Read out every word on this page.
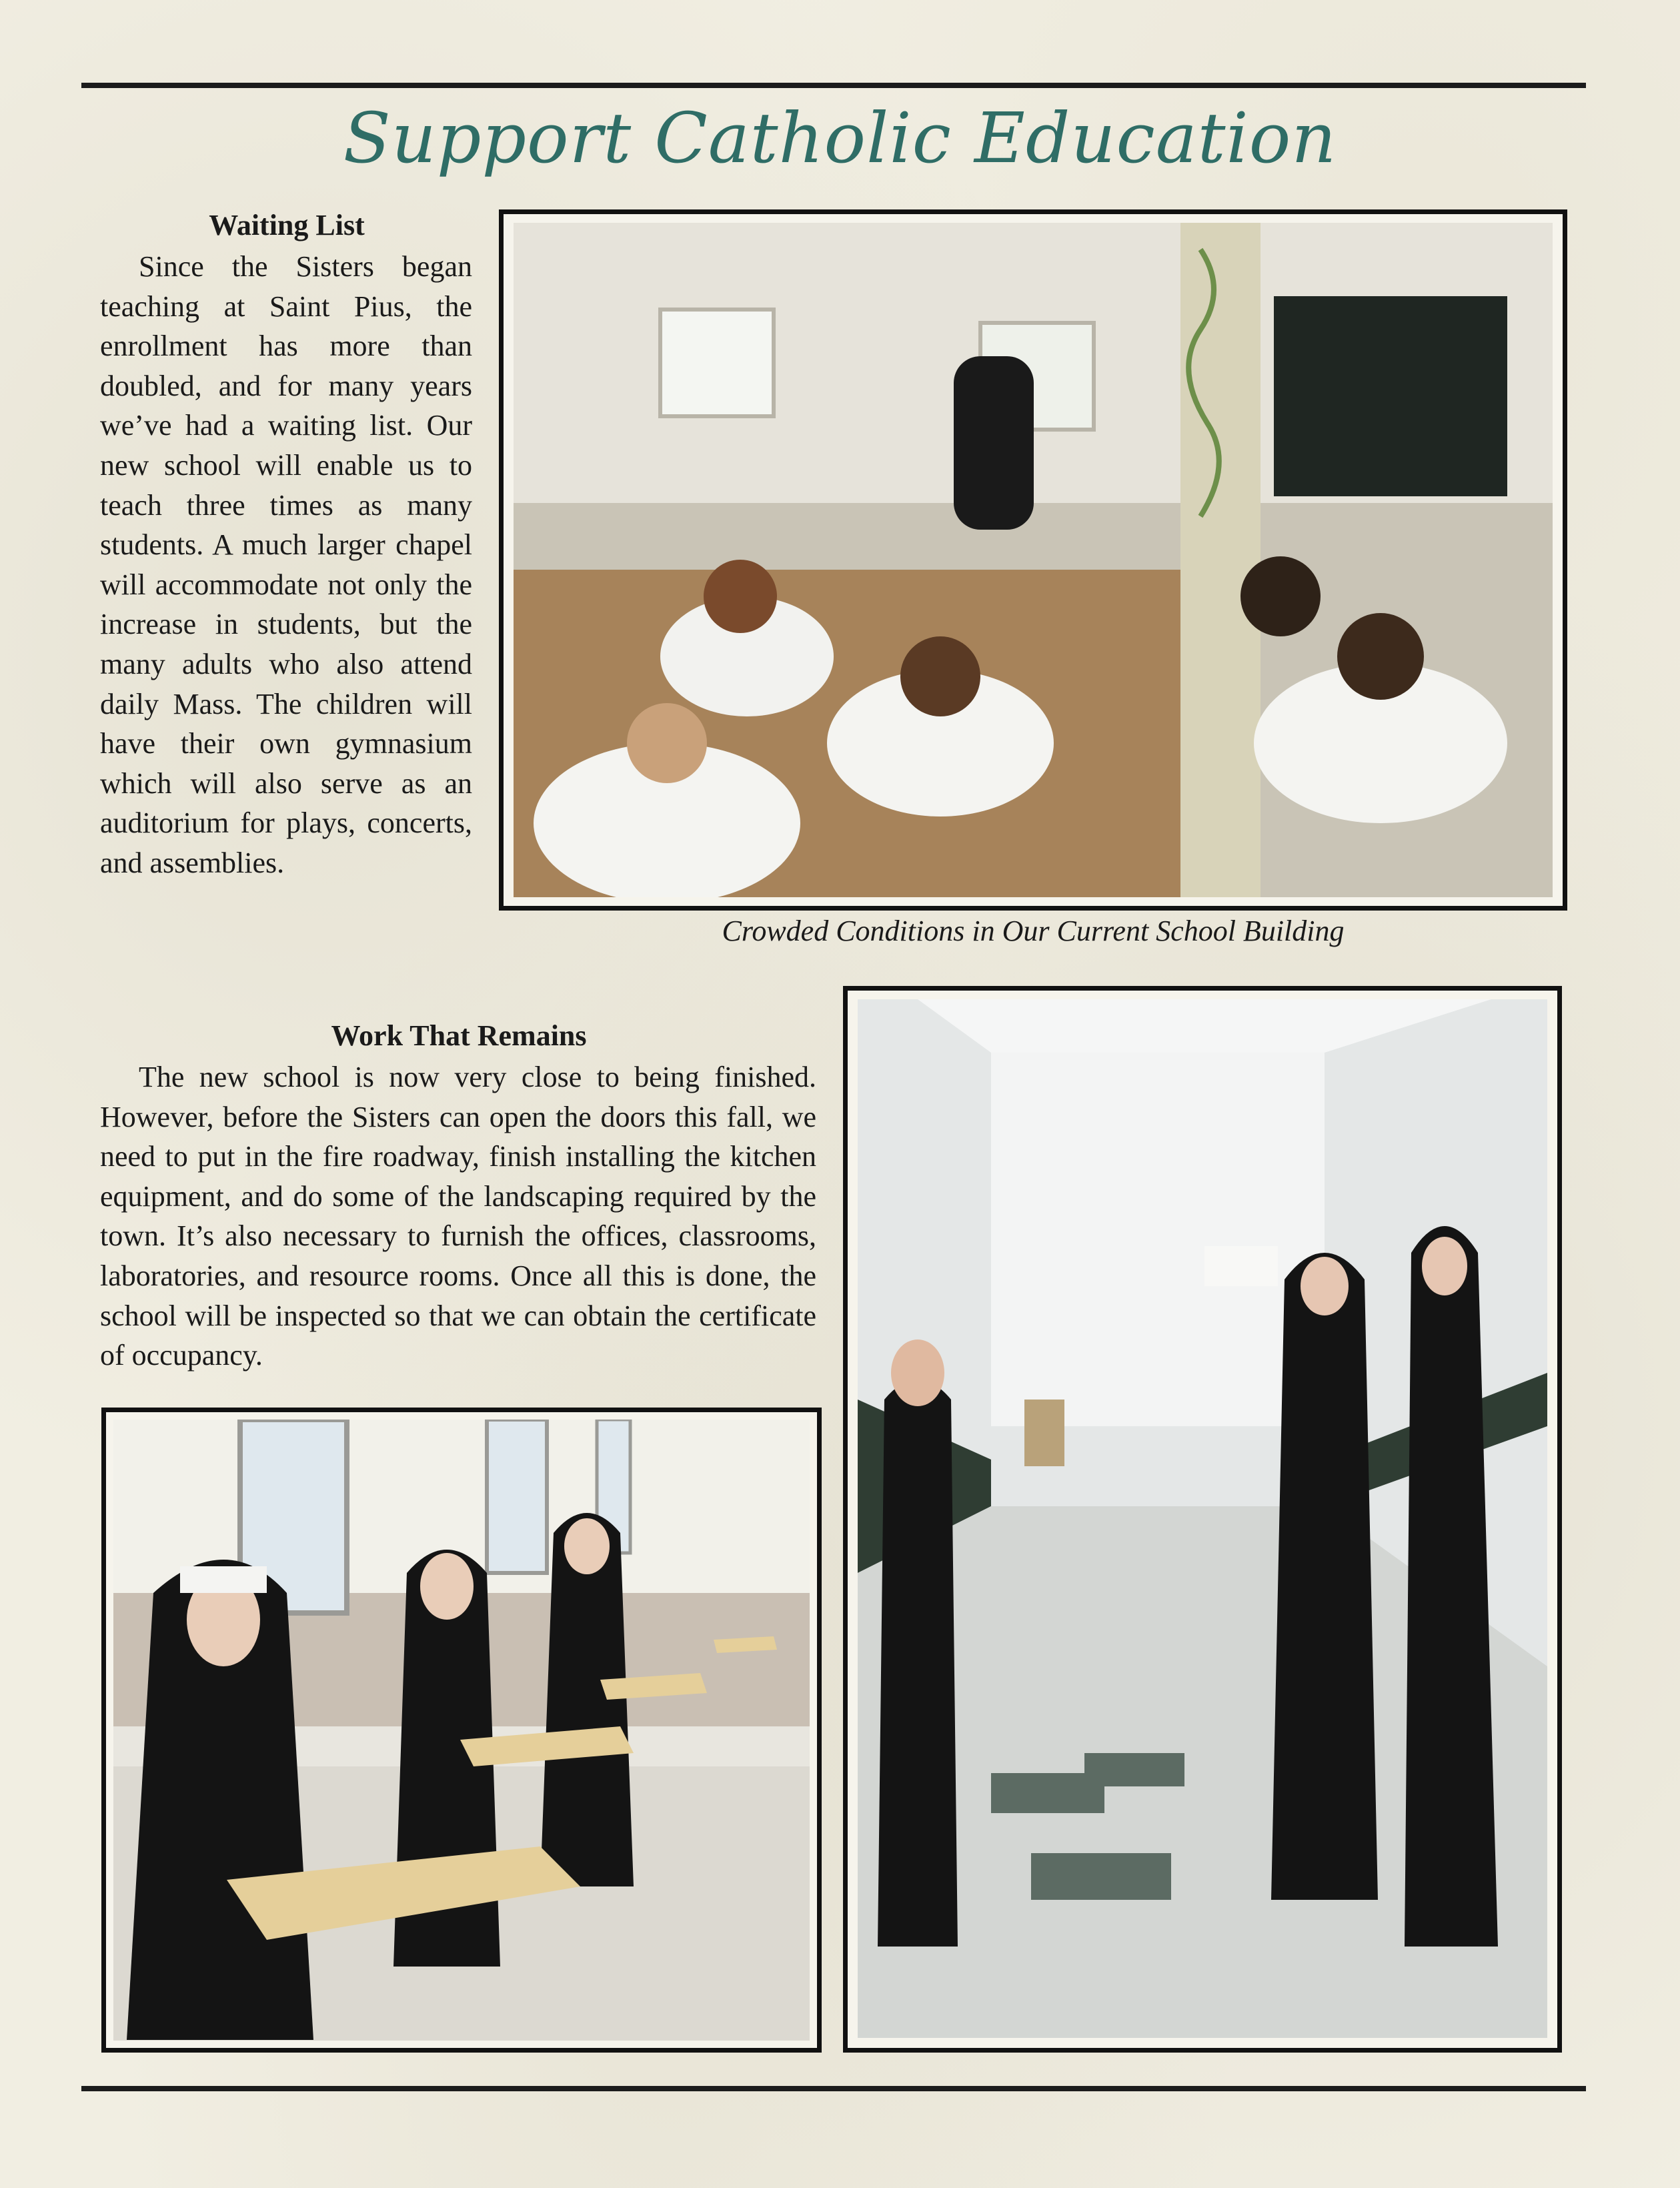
Support Catholic Education
Waiting List

Since the Sisters began teaching at Saint Pius, the enrollment has more than doubled, and for many years we’ve had a waiting list. Our new school will enable us to teach three times as many students. A much larger chapel will accommodate not only the increase in students, but the many adults who also attend daily Mass. The children will have their own gymnasium which will also serve as an auditorium for plays, concerts, and assemblies.

Crowded Conditions in Our Current School Building
Work That Remains

The new school is now very close to being finished. However, before the Sisters can open the doors this fall, we need to put in the fire roadway, finish installing the kitchen equipment, and do some of the landscaping required by the town. It’s also necessary to furnish the offices, classrooms, laboratories, and resource rooms. Once all this is done, the school will be inspected so that we can obtain the certificate of occupancy.
